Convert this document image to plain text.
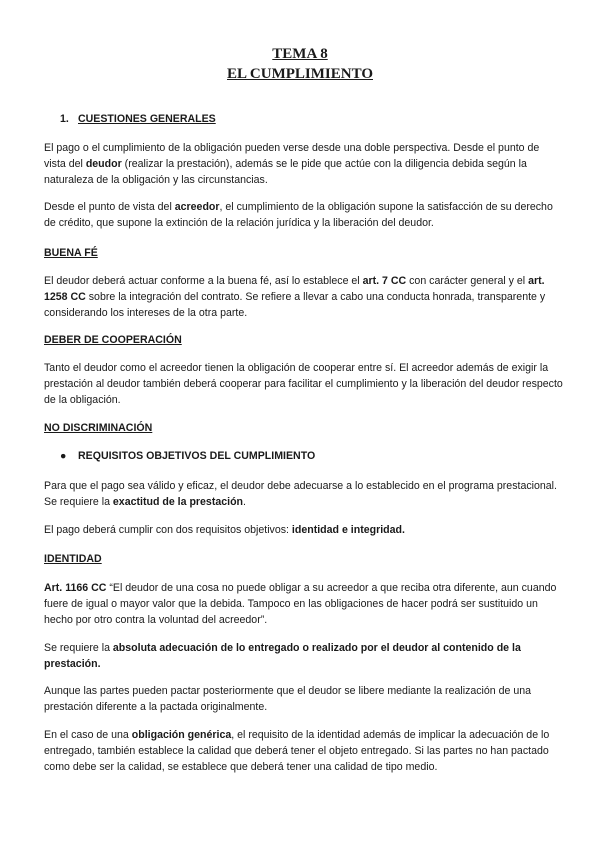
TEMA 8
EL CUMPLIMIENTO
1. CUESTIONES GENERALES

El pago o el cumplimiento de la obligación pueden verse desde una doble perspectiva. Desde el punto de vista del deudor (realizar la prestación), además se le pide que actúe con la diligencia debida según la naturaleza de la obligación y las circunstancias.

Desde el punto de vista del acreedor, el cumplimiento de la obligación supone la satisfacción de su derecho de crédito, que supone la extinción de la relación jurídica y la liberación del deudor.

BUENA FÉ

El deudor deberá actuar conforme a la buena fé, así lo establece el art. 7 CC con carácter general y el art. 1258 CC sobre la integración del contrato. Se refiere a llevar a cabo una conducta honrada, transparente y considerando los intereses de la otra parte.

DEBER DE COOPERACIÓN

Tanto el deudor como el acreedor tienen la obligación de cooperar entre sí. El acreedor además de exigir la prestación al deudor también deberá cooperar para facilitar el cumplimiento y la liberación del deudor respecto de la obligación.

NO DISCRIMINACIÓN

● REQUISITOS OBJETIVOS DEL CUMPLIMIENTO

Para que el pago sea válido y eficaz, el deudor debe adecuarse a lo establecido en el programa prestacional. Se requiere la exactitud de la prestación.

El pago deberá cumplir con dos requisitos objetivos: identidad e integridad.

IDENTIDAD

Art. 1166 CC “El deudor de una cosa no puede obligar a su acreedor a que reciba otra diferente, aun cuando fuere de igual o mayor valor que la debida. Tampoco en las obligaciones de hacer podrá ser sustituido un hecho por otro contra la voluntad del acreedor”.

Se requiere la absoluta adecuación de lo entregado o realizado por el deudor al contenido de la prestación.

Aunque las partes pueden pactar posteriormente que el deudor se libere mediante la realización de una prestación diferente a la pactada originalmente.

En el caso de una obligación genérica, el requisito de la identidad además de implicar la adecuación de lo entregado, también establece la calidad que deberá tener el objeto entregado. Si las partes no han pactado como debe ser la calidad, se establece que deberá tener una calidad de tipo medio.
